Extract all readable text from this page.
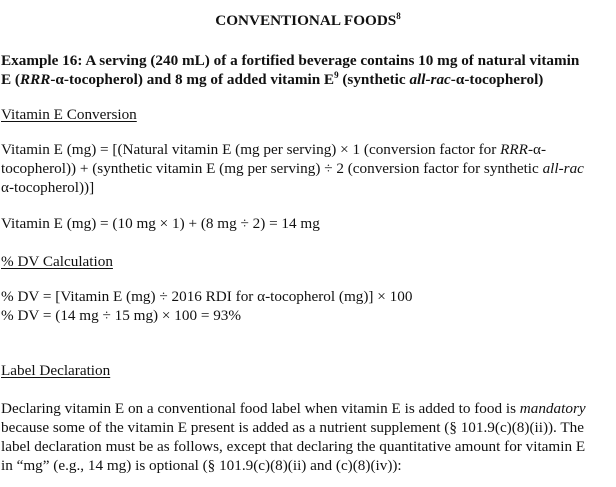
CONVENTIONAL FOODS$^8$
Example 16: A serving (240 mL) of a fortified beverage contains 10 mg of natural vitamin
E (RRR-α-tocopherol) and 8 mg of added vitamin $E^9$ (synthetic all-rac-α-tocopherol)
Vitamin E Conversion
Vitamin E (mg) = [(Natural vitamin E (mg per serving) × 1 (conversion factor for RRR-α-
tocopherol)) + (synthetic vitamin E (mg per serving) ÷ 2 (conversion factor for synthetic all-rac
α-tocopherol))]
Vitamin E (mg) = (10 mg × 1) + (8 mg ÷ 2) = 14 mg
% DV Calculation
% DV = [Vitamin E (mg) ÷ 2016 RDI for α-tocopherol (mg)] × 100
% DV = (14 mg ÷ 15 mg) × 100 = 93%
Label Declaration
Declaring vitamin E on a conventional food label when vitamin E is added to food is mandatory
because some of the vitamin E present is added as a nutrient supplement (§ 101.9(c)(8)(ii)). The
label declaration must be as follows, except that declaring the quantitative amount for vitamin E
in “mg” (e.g., 14 mg) is optional (§ 101.9(c)(8)(ii) and (c)(8)(iv)):
